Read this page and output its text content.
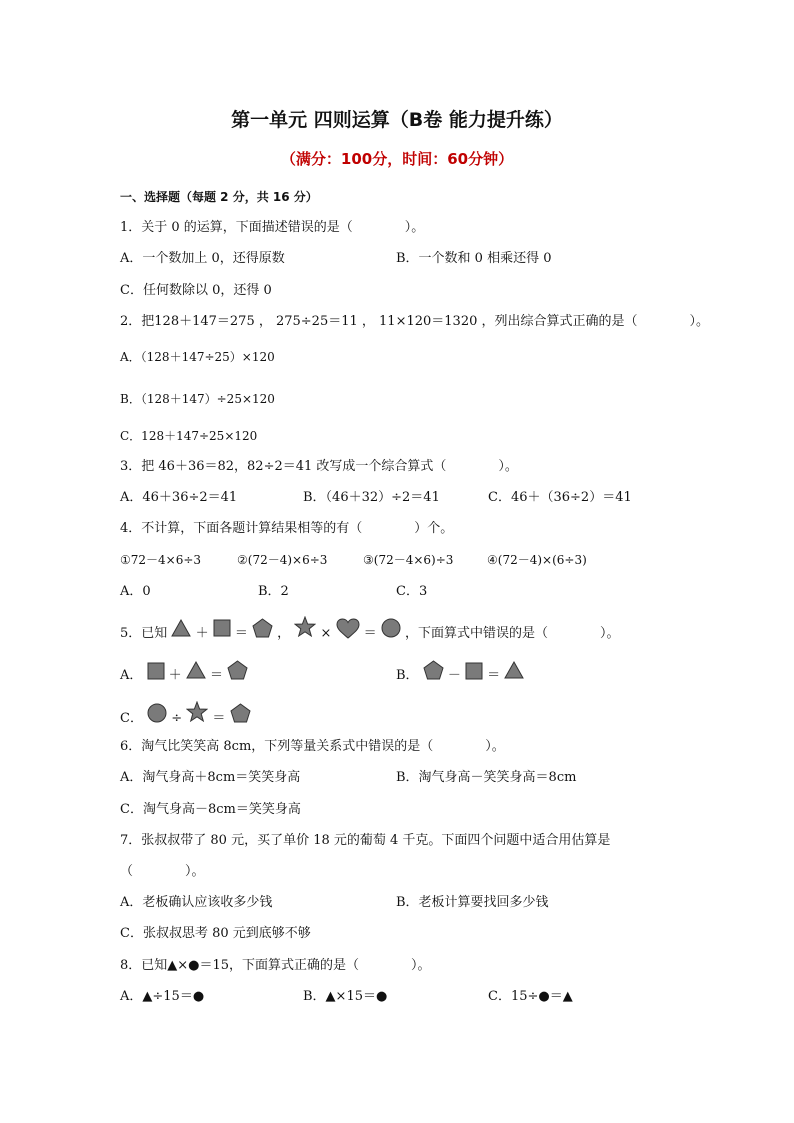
第一单元 四则运算（B卷 能力提升练）
（满分：100分，时间：60分钟）
一、选择题（每题 2 分，共 16 分）
1．关于 0 的运算，下面描述错误的是（　　　　）。
A．一个数加上 0，还得原数	B．一个数和 0 相乘还得 0
C．任何数除以 0，还得 0
2．把128＋147＝275 ， 275÷25＝11 ， 11×120＝1320 ，列出综合算式正确的是（　　　　）。
A．（128＋147÷25）×120
B．（128＋147）÷25×120
C．128＋147÷25×120
3．把 46＋36＝82，82÷2＝41 改写成一个综合算式（　　　　）。
A．46＋36÷2＝41	B．（46＋32）÷2＝41	C．46＋（36÷2）＝41
4．不计算，下面各题计算结果相等的有（　　　　）个。
①72－4×6÷3	②(72－4)×6÷3	③(72－4×6)÷3	④(72－4)×(6÷3)
A．0	B．2	C．3
5．已知 ＋ ＝ ， × ＝ ，下面算式中错误的是（　　　　）。
A． ＋ ＝	B． － ＝
C． ÷ ＝
6．淘气比笑笑高 8cm，下列等量关系式中错误的是（　　　　）。
A．淘气身高＋8cm＝笑笑身高	B．淘气身高－笑笑身高＝8cm
C．淘气身高－8cm＝笑笑身高
7．张叔叔带了 80 元，买了单价 18 元的葡萄 4 千克。下面四个问题中适合用估算是
（　　　　）。
A．老板确认应该收多少钱	B．老板计算要找回多少钱
C．张叔叔思考 80 元到底够不够
8．已知▲×●＝15，下面算式正确的是（　　　　）。
A．▲÷15＝●	B．▲×15＝●	C．15÷●＝▲
